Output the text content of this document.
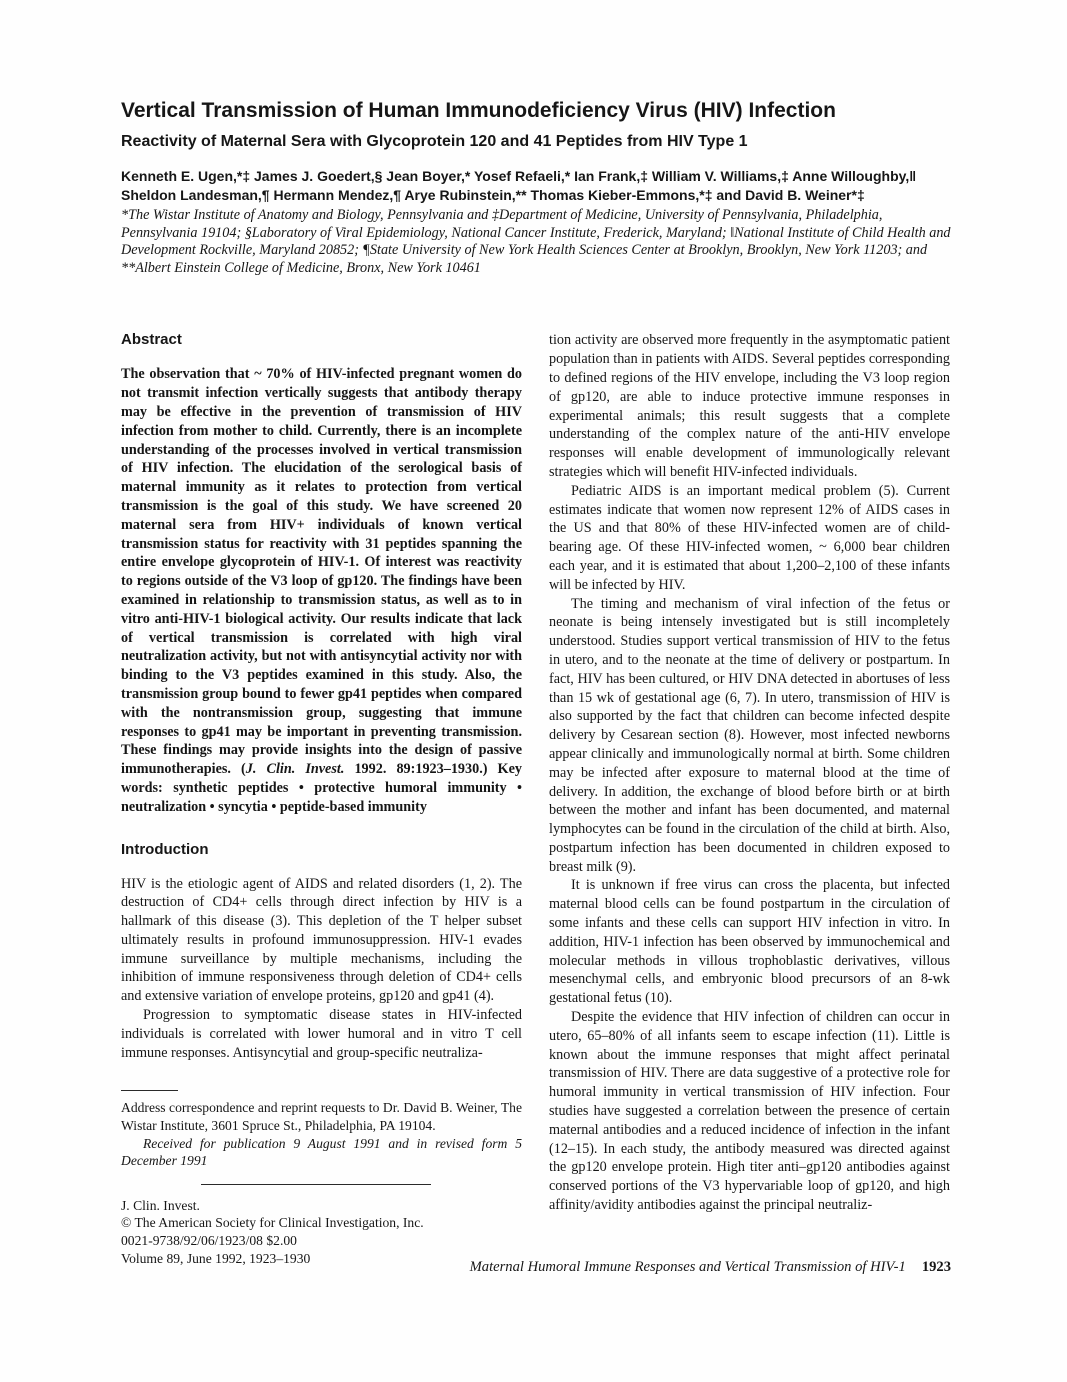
Vertical Transmission of Human Immunodeficiency Virus (HIV) Infection
Reactivity of Maternal Sera with Glycoprotein 120 and 41 Peptides from HIV Type 1

Kenneth E. Ugen,*‡ James J. Goedert,§ Jean Boyer,* Yosef Refaeli,* Ian Frank,‡ William V. Williams,‡ Anne Willoughby,‖ Sheldon Landesman,¶ Hermann Mendez,¶ Arye Rubinstein,** Thomas Kieber-Emmons,*‡ and David B. Weiner*‡

*The Wistar Institute of Anatomy and Biology, Pennsylvania and ‡Department of Medicine, University of Pennsylvania, Philadelphia, Pennsylvania 19104; §Laboratory of Viral Epidemiology, National Cancer Institute, Frederick, Maryland; ‖National Institute of Child Health and Development Rockville, Maryland 20852; ¶State University of New York Health Sciences Center at Brooklyn, Brooklyn, New York 11203; and **Albert Einstein College of Medicine, Bronx, New York 10461

Abstract

The observation that ~ 70% of HIV-infected pregnant women do not transmit infection vertically suggests that antibody therapy may be effective in the prevention of transmission of HIV infection from mother to child. Currently, there is an incomplete understanding of the processes involved in vertical transmission of HIV infection. The elucidation of the serological basis of maternal immunity as it relates to protection from vertical transmission is the goal of this study. We have screened 20 maternal sera from HIV+ individuals of known vertical transmission status for reactivity with 31 peptides spanning the entire envelope glycoprotein of HIV-1. Of interest was reactivity to regions outside of the V3 loop of gp120. The findings have been examined in relationship to transmission status, as well as to in vitro anti-HIV-1 biological activity. Our results indicate that lack of vertical transmission is correlated with high viral neutralization activity, but not with antisyncytial activity nor with binding to the V3 peptides examined in this study. Also, the transmission group bound to fewer gp41 peptides when compared with the nontransmission group, suggesting that immune responses to gp41 may be important in preventing transmission. These findings may provide insights into the design of passive immunotherapies. (J. Clin. Invest. 1992. 89:1923–1930.) Key words: synthetic peptides • protective humoral immunity • neutralization • syncytia • peptide-based immunity

Introduction

HIV is the etiologic agent of AIDS and related disorders (1, 2). The destruction of CD4+ cells through direct infection by HIV is a hallmark of this disease (3). This depletion of the T helper subset ultimately results in profound immunosuppression. HIV-1 evades immune surveillance by multiple mechanisms, including the inhibition of immune responsiveness through deletion of CD4+ cells and extensive variation of envelope proteins, gp120 and gp41 (4).

Progression to symptomatic disease states in HIV-infected individuals is correlated with lower humoral and in vitro T cell immune responses. Antisyncytial and group-specific neutraliza-

Address correspondence and reprint requests to Dr. David B. Weiner, The Wistar Institute, 3601 Spruce St., Philadelphia, PA 19104.

Received for publication 9 August 1991 and in revised form 5 December 1991

J. Clin. Invest.

© The American Society for Clinical Investigation, Inc.

0021-9738/92/06/1923/08 $2.00

Volume 89, June 1992, 1923–1930

tion activity are observed more frequently in the asymptomatic patient population than in patients with AIDS. Several peptides corresponding to defined regions of the HIV envelope, including the V3 loop region of gp120, are able to induce protective immune responses in experimental animals; this result suggests that a complete understanding of the complex nature of the anti-HIV envelope responses will enable development of immunologically relevant strategies which will benefit HIV-infected individuals.

Pediatric AIDS is an important medical problem (5). Current estimates indicate that women now represent 12% of AIDS cases in the US and that 80% of these HIV-infected women are of child-bearing age. Of these HIV-infected women, ~ 6,000 bear children each year, and it is estimated that about 1,200–2,100 of these infants will be infected by HIV.

The timing and mechanism of viral infection of the fetus or neonate is being intensely investigated but is still incompletely understood. Studies support vertical transmission of HIV to the fetus in utero, and to the neonate at the time of delivery or postpartum. In fact, HIV has been cultured, or HIV DNA detected in abortuses of less than 15 wk of gestational age (6, 7). In utero, transmission of HIV is also supported by the fact that children can become infected despite delivery by Cesarean section (8). However, most infected newborns appear clinically and immunologically normal at birth. Some children may be infected after exposure to maternal blood at the time of delivery. In addition, the exchange of blood before birth or at birth between the mother and infant has been documented, and maternal lymphocytes can be found in the circulation of the child at birth. Also, postpartum infection has been documented in children exposed to breast milk (9).

It is unknown if free virus can cross the placenta, but infected maternal blood cells can be found postpartum in the circulation of some infants and these cells can support HIV infection in vitro. In addition, HIV-1 infection has been observed by immunochemical and molecular methods in villous trophoblastic derivatives, villous mesenchymal cells, and embryonic blood precursors of an 8-wk gestational fetus (10).

Despite the evidence that HIV infection of children can occur in utero, 65–80% of all infants seem to escape infection (11). Little is known about the immune responses that might affect perinatal transmission of HIV. There are data suggestive of a protective role for humoral immunity in vertical transmission of HIV infection. Four studies have suggested a correlation between the presence of certain maternal antibodies and a reduced incidence of infection in the infant (12–15). In each study, the antibody measured was directed against the gp120 envelope protein. High titer anti–gp120 antibodies against conserved portions of the V3 hypervariable loop of gp120, and high affinity/avidity antibodies against the principal neutraliz-

Maternal Humoral Immune Responses and Vertical Transmission of HIV-1 1923
